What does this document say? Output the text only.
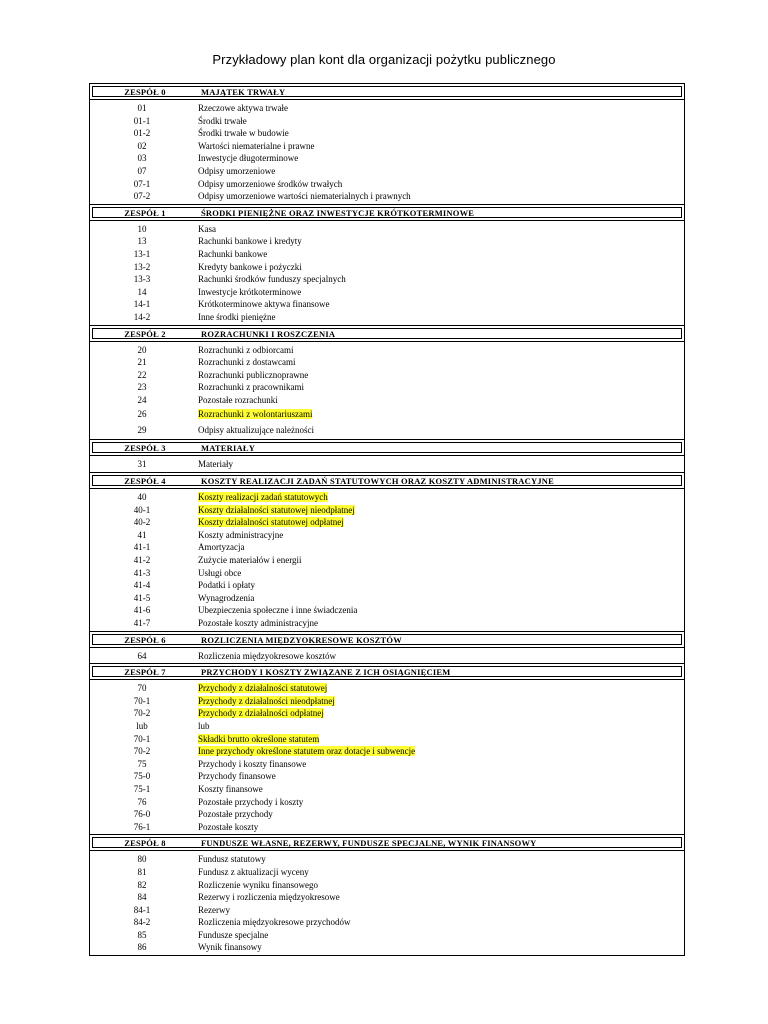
Przykładowy plan kont dla organizacji pożytku publicznego
ZESPÓŁ 0	MAJĄTEK TRWAŁY
01	Rzeczowe aktywa trwałe
01-1	Środki trwałe
01-2	Środki trwałe w budowie
02	Wartości niematerialne i prawne
03	Inwestycje długoterminowe
07	Odpisy umorzeniowe
07-1	Odpisy umorzeniowe środków trwałych
07-2	Odpisy umorzeniowe wartości niematerialnych i prawnych
ZESPÓŁ 1	ŚRODKI PIENIĘŻNE ORAZ INWESTYCJE KRÓTKOTERMINOWE
10	Kasa
13	Rachunki bankowe i kredyty
13-1	Rachunki bankowe
13-2	Kredyty bankowe i pożyczki
13-3	Rachunki środków funduszy specjalnych
14	Inwestycje krótkoterminowe
14-1	Krótkoterminowe aktywa finansowe
14-2	Inne środki pieniężne
ZESPÓŁ 2	ROZRACHUNKI I ROSZCZENIA
20	Rozrachunki z odbiorcami
21	Rozrachunki z dostawcami
22	Rozrachunki publicznoprawne
23	Rozrachunki z pracownikami
24	Pozostałe rozrachunki
26	Rozrachunki z wolontariuszami
29	Odpisy aktualizujące należności
ZESPÓŁ 3	MATERIAŁY
31	Materiały
ZESPÓŁ 4	KOSZTY REALIZACJI ZADAŃ STATUTOWYCH ORAZ KOSZTY ADMINISTRACYJNE
40	Koszty realizacji zadań statutowych
40-1	Koszty działalności statutowej nieodpłatnej
40-2	Koszty działalności statutowej odpłatnej
41	Koszty administracyjne
41-1	Amortyzacja
41-2	Zużycie materiałów i energii
41-3	Usługi obce
41-4	Podatki i opłaty
41-5	Wynagrodzenia
41-6	Ubezpieczenia społeczne i inne świadczenia
41-7	Pozostałe koszty administracyjne
ZESPÓŁ 6	ROZLICZENIA MIĘDZYOKRESOWE KOSZTÓW
64	Rozliczenia międzyokresowe kosztów
ZESPÓŁ 7	PRZYCHODY I KOSZTY ZWIĄZANE Z ICH OSIĄGNIĘCIEM
70	Przychody z działalności statutowej
70-1	Przychody z działalności nieodpłatnej
70-2	Przychody z działalności odpłatnej
lub	lub
70-1	Składki brutto określone statutem
70-2	Inne przychody określone statutem oraz dotacje i subwencje
75	Przychody i koszty finansowe
75-0	Przychody finansowe
75-1	Koszty finansowe
76	Pozostałe przychody i koszty
76-0	Pozostałe przychody
76-1	Pozostałe koszty
ZESPÓŁ 8	FUNDUSZE WŁASNE, REZERWY, FUNDUSZE SPECJALNE, WYNIK FINANSOWY
80	Fundusz statutowy
81	Fundusz z aktualizacji wyceny
82	Rozliczenie wyniku finansowego
84	Rezerwy i rozliczenia międzyokresowe
84-1	Rezerwy
84-2	Rozliczenia międzyokresowe przychodów
85	Fundusze specjalne
86	Wynik finansowy
